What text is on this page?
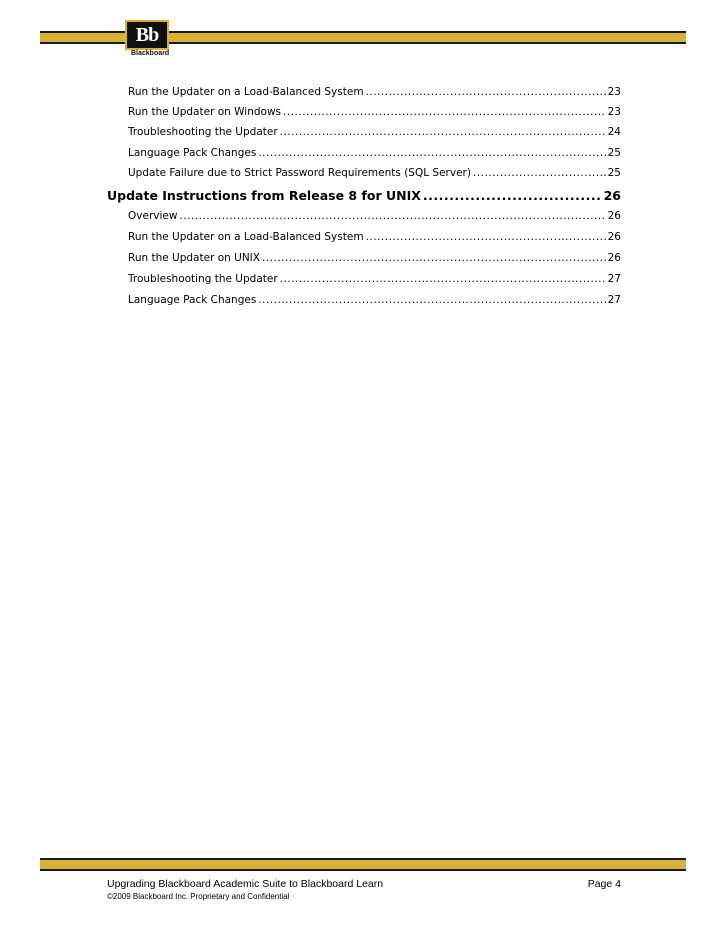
Bb
Blackboard
Run the Updater on a Load-Balanced System .....	23
Run the Updater on Windows .....	23
Troubleshooting the Updater .....	24
Language Pack Changes .....	25
Update Failure due to Strict Password Requirements (SQL Server) .....	25
Update Instructions from Release 8 for UNIX .....	26
Overview .....	26
Run the Updater on a Load-Balanced System .....	26
Run the Updater on UNIX .....	26
Troubleshooting the Updater .....	27
Language Pack Changes .....	27
Upgrading Blackboard Academic Suite to Blackboard Learn	Page 4
©2009 Blackboard Inc. Proprietary and Confidential
